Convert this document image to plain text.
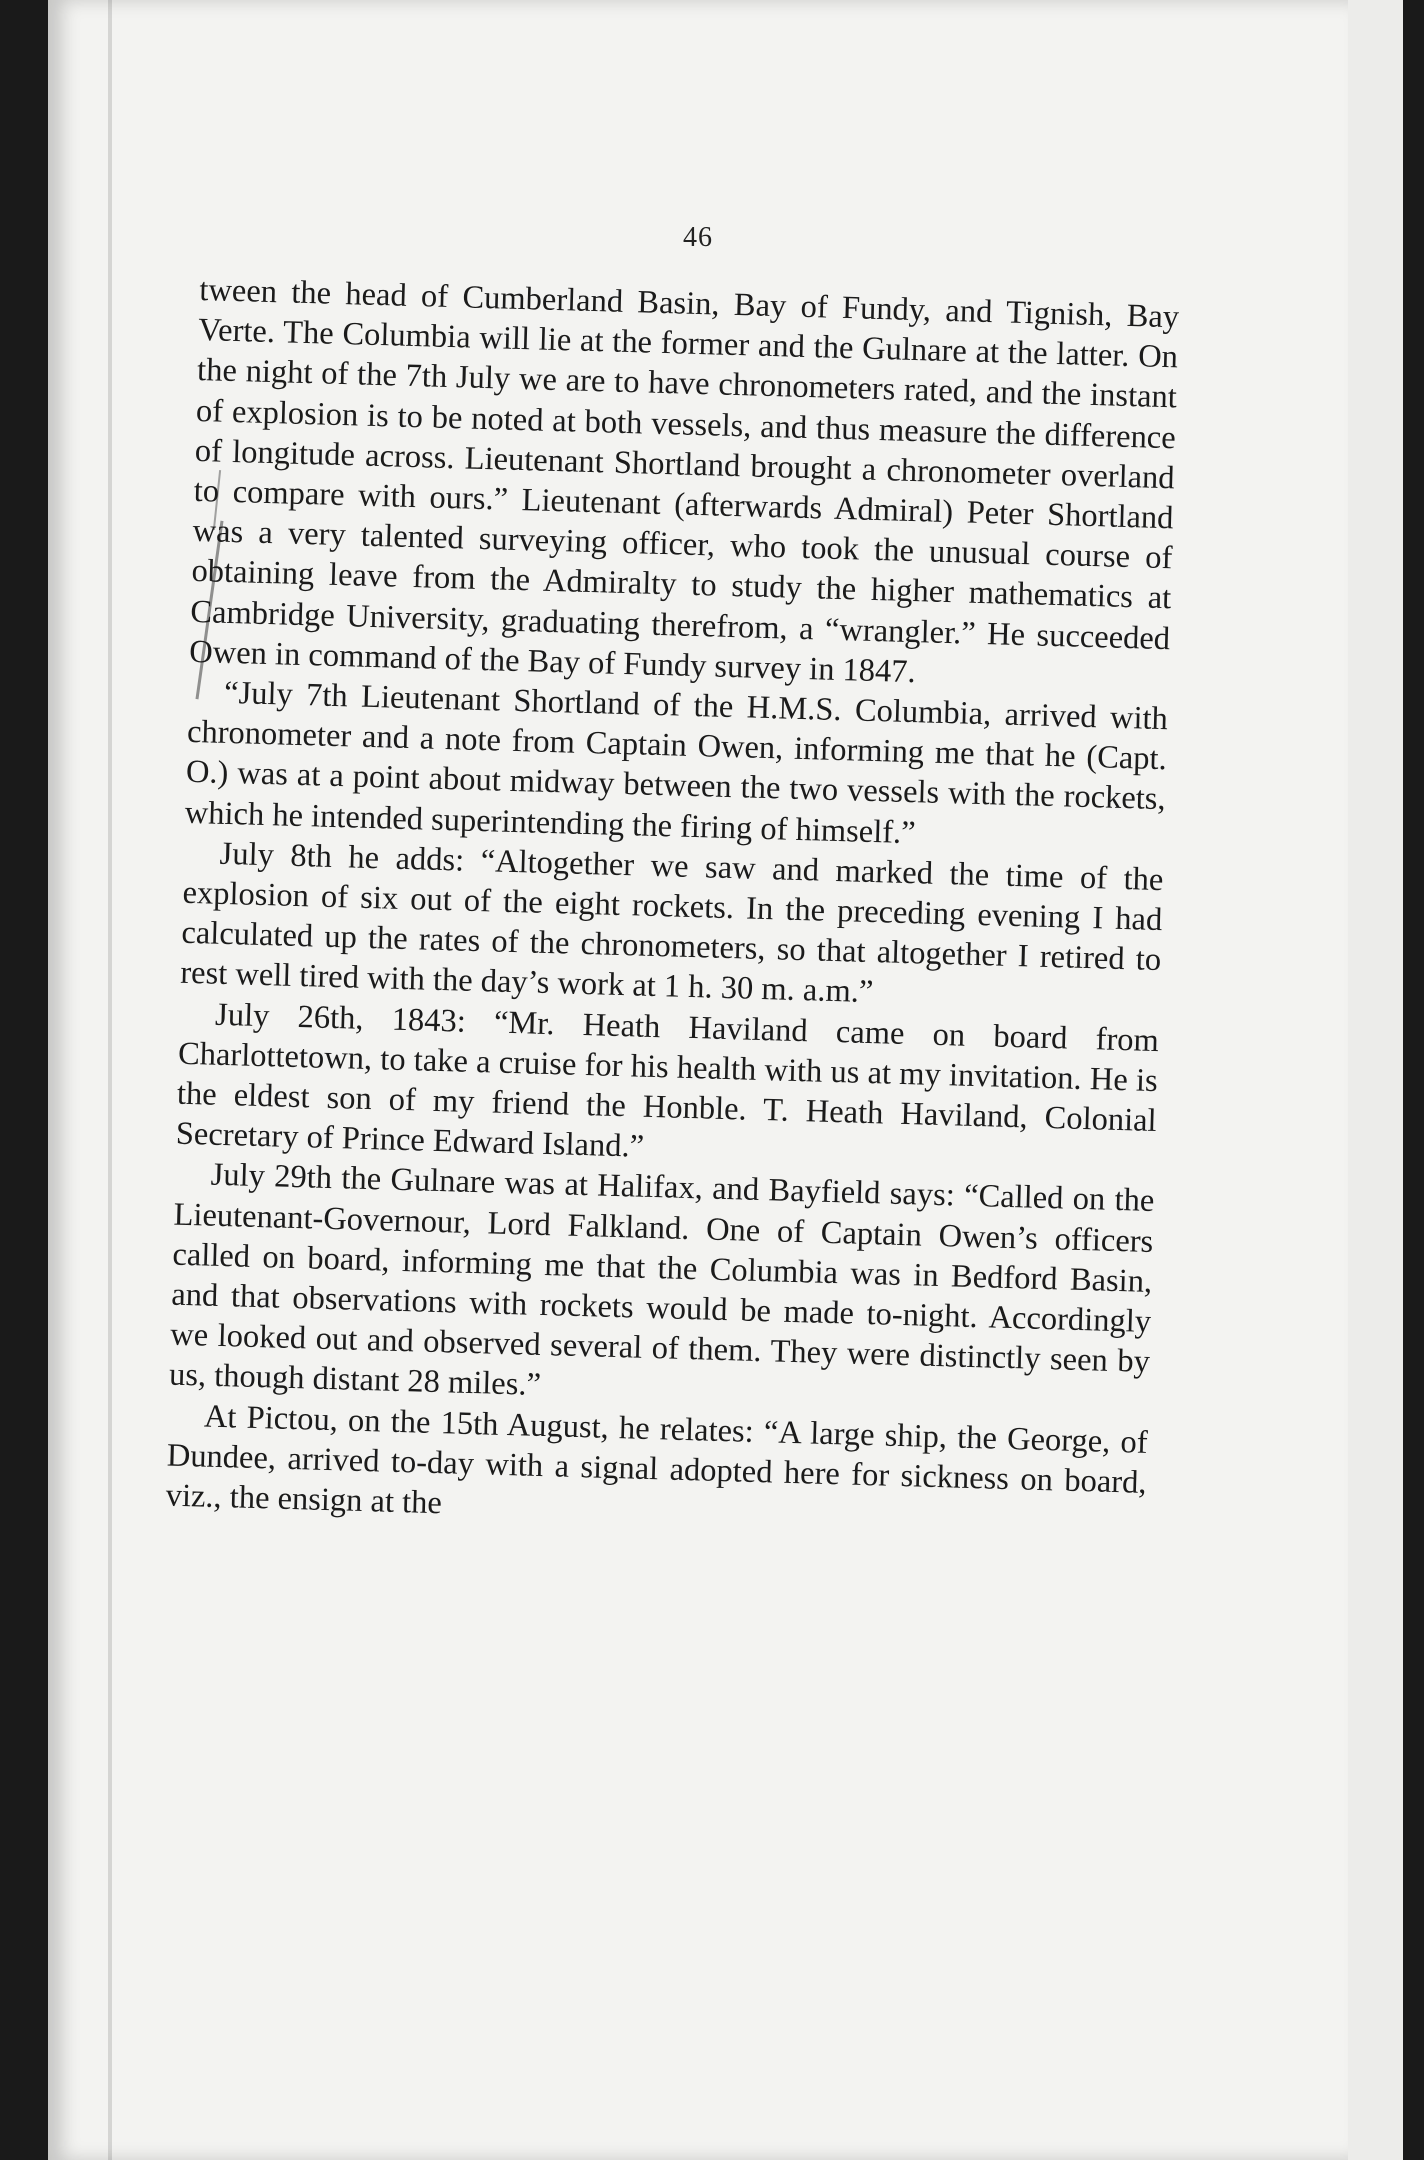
46

tween the head of Cumberland Basin, Bay of Fundy, and Tignish, Bay Verte. The Columbia will lie at the former and the Gulnare at the latter. On the night of the 7th July we are to have chronometers rated, and the instant of explosion is to be noted at both vessels, and thus measure the difference of longitude across. Lieutenant Shortland brought a chronometer overland to compare with ours.” Lieutenant (afterwards Admiral) Peter Shortland was a very talented surveying officer, who took the unusual course of obtaining leave from the Admiralty to study the higher mathematics at Cambridge University, graduating therefrom, a “wrangler.” He succeeded Owen in command of the Bay of Fundy survey in 1847.

“July 7th Lieutenant Shortland of the H.M.S. Columbia, arrived with chronometer and a note from Captain Owen, informing me that he (Capt. O.) was at a point about midway between the two vessels with the rockets, which he intended superintending the firing of himself.”

July 8th he adds: “Altogether we saw and marked the time of the explosion of six out of the eight rockets. In the preceding evening I had calculated up the rates of the chronometers, so that altogether I retired to rest well tired with the day’s work at 1 h. 30 m. a.m.”

July 26th, 1843: “Mr. Heath Haviland came on board from Charlottetown, to take a cruise for his health with us at my invitation. He is the eldest son of my friend the Honble. T. Heath Haviland, Colonial Secretary of Prince Edward Island.”

July 29th the Gulnare was at Halifax, and Bayfield says: “Called on the Lieutenant-Governour, Lord Falkland. One of Captain Owen’s officers called on board, informing me that the Columbia was in Bedford Basin, and that observations with rockets would be made to-night. Accordingly we looked out and observed several of them. They were distinctly seen by us, though distant 28 miles.”

At Pictou, on the 15th August, he relates: “A large ship, the George, of Dundee, arrived to-day with a signal adopted here for sickness on board, viz., the ensign at the
